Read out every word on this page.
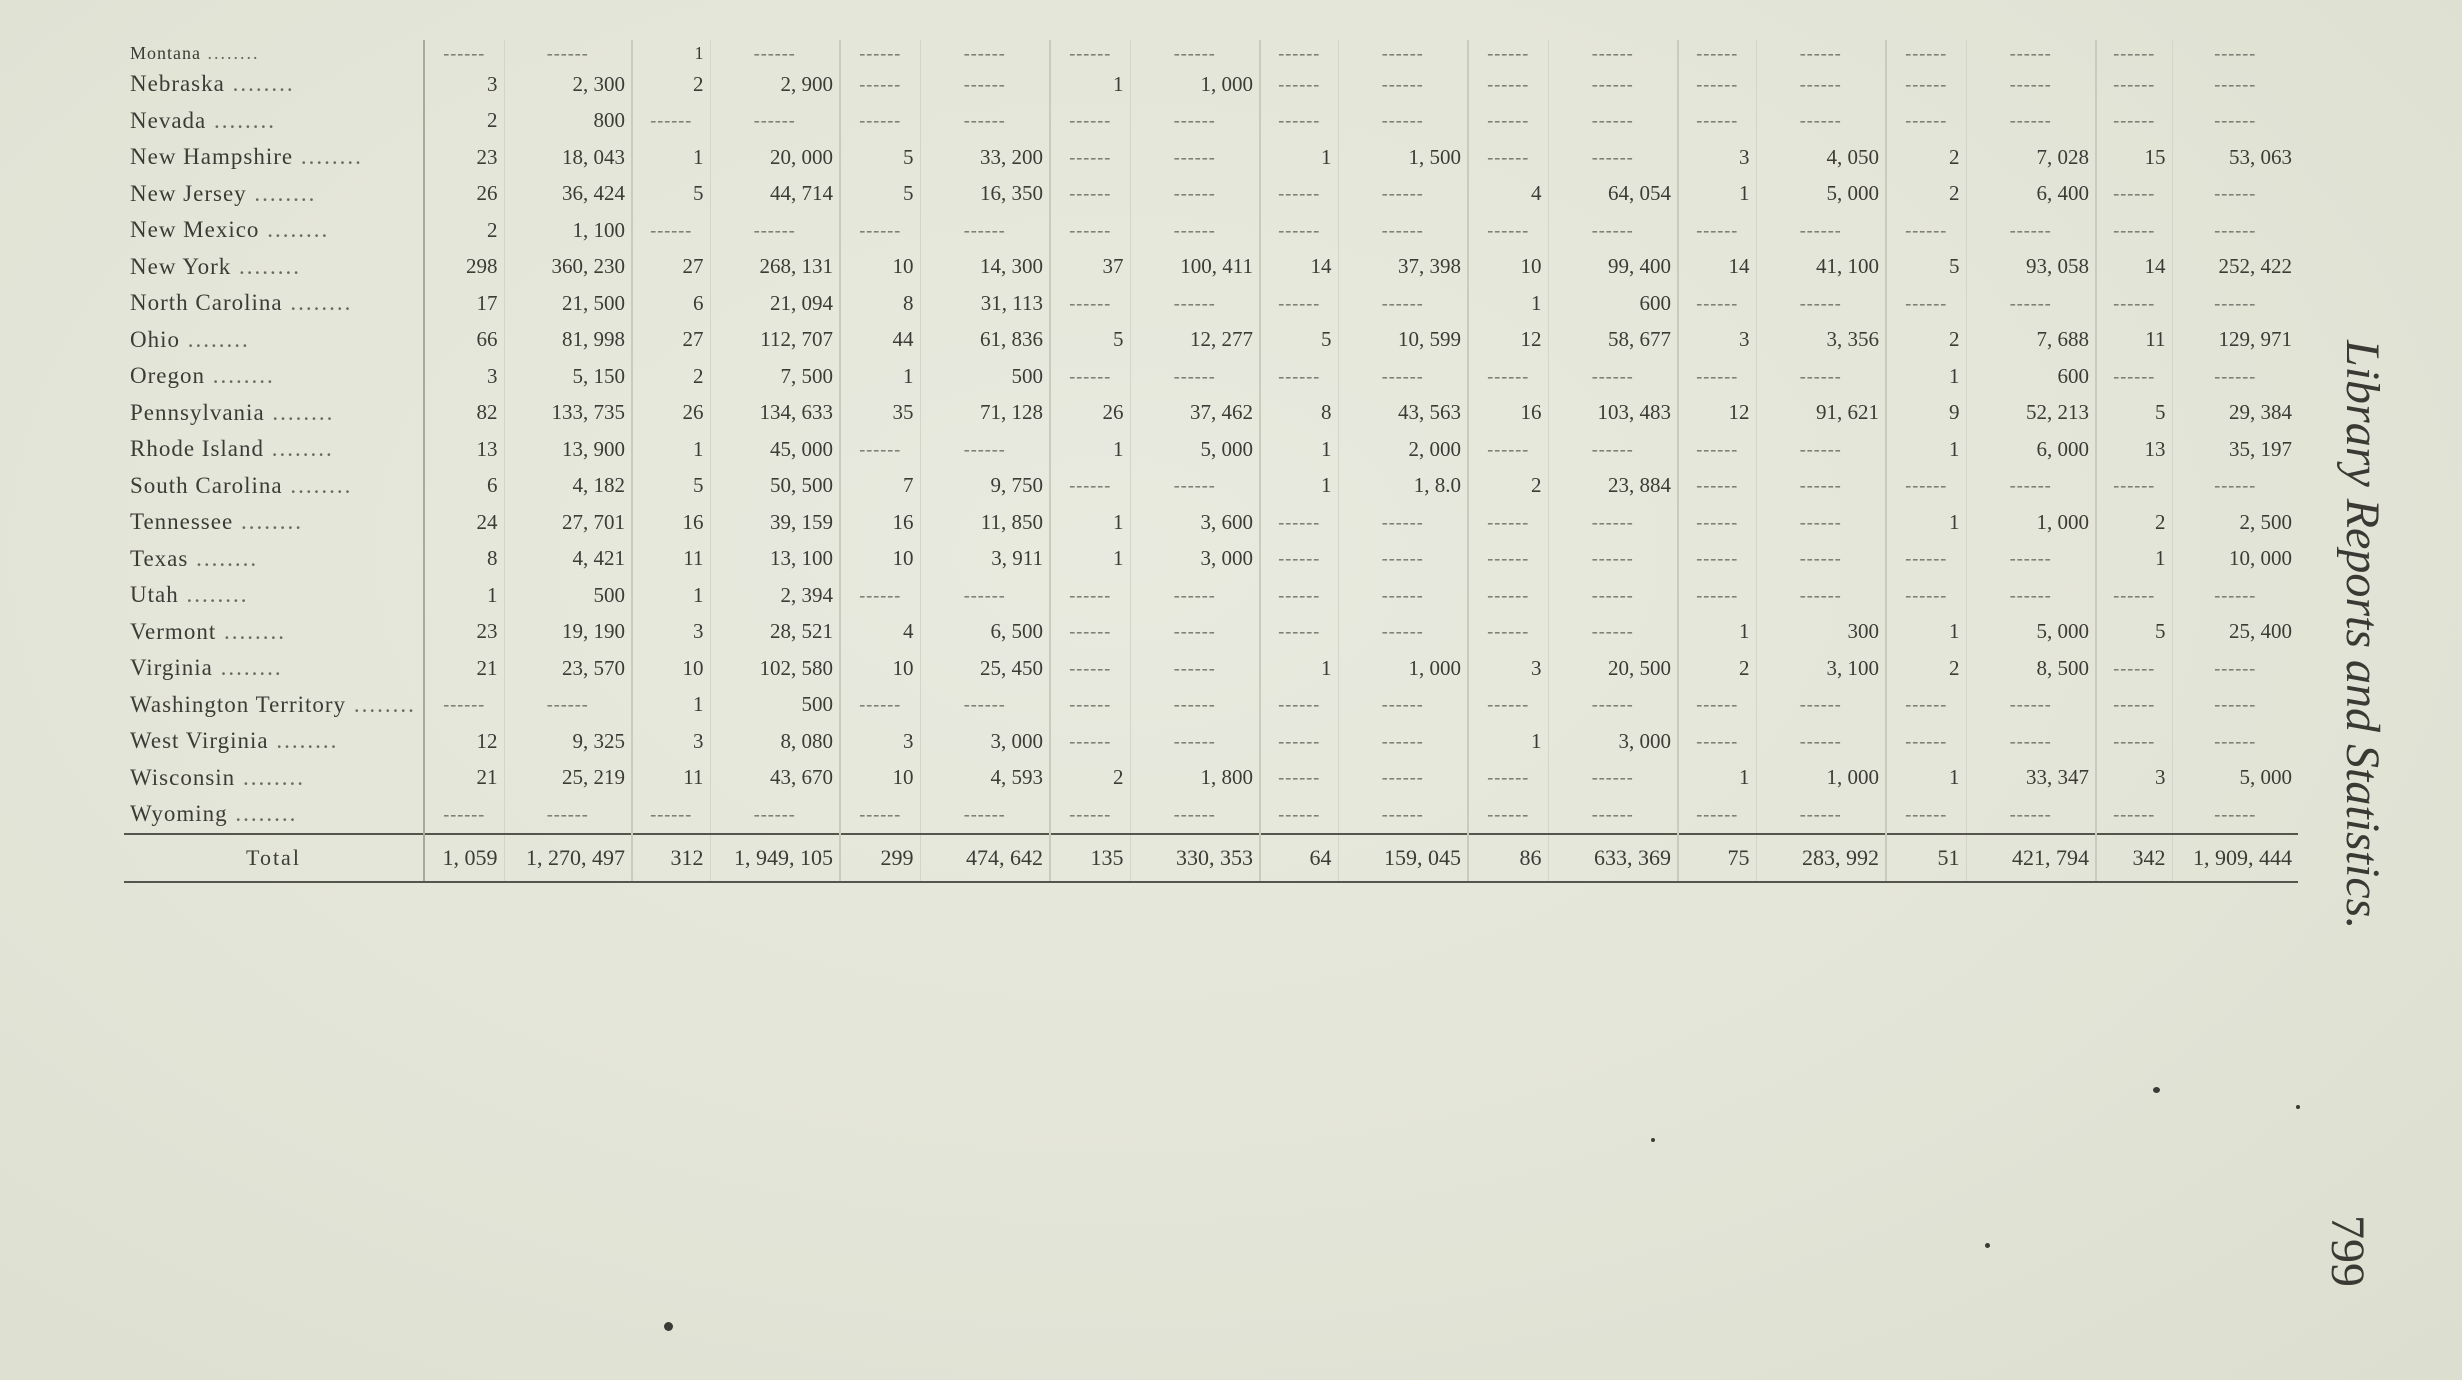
Montana ........	------	------	1	------	------	------	------	------	------	------	------	------	------	------	------	------	------	------
Nebraska ........	3	2, 300	2	2, 900	------	------	1	1, 000	------	------	------	------	------	------	------	------	------	------
Nevada ........	2	800	------	------	------	------	------	------	------	------	------	------	------	------	------	------	------	------
New Hampshire ........	23	18, 043	1	20, 000	5	33, 200	------	------	1	1, 500	------	------	3	4, 050	2	7, 028	15	53, 063
New Jersey ........	26	36, 424	5	44, 714	5	16, 350	------	------	------	------	4	64, 054	1	5, 000	2	6, 400	------	------
New Mexico ........	2	1, 100	------	------	------	------	------	------	------	------	------	------	------	------	------	------	------	------
New York ........	298	360, 230	27	268, 131	10	14, 300	37	100, 411	14	37, 398	10	99, 400	14	41, 100	5	93, 058	14	252, 422
North Carolina ........	17	21, 500	6	21, 094	8	31, 113	------	------	------	------	1	600	------	------	------	------	------	------
Ohio ........	66	81, 998	27	112, 707	44	61, 836	5	12, 277	5	10, 599	12	58, 677	3	3, 356	2	7, 688	11	129, 971
Oregon ........	3	5, 150	2	7, 500	1	500	------	------	------	------	------	------	------	------	1	600	------	------
Pennsylvania ........	82	133, 735	26	134, 633	35	71, 128	26	37, 462	8	43, 563	16	103, 483	12	91, 621	9	52, 213	5	29, 384
Rhode Island ........	13	13, 900	1	45, 000	------	------	1	5, 000	1	2, 000	------	------	------	------	1	6, 000	13	35, 197
South Carolina ........	6	4, 182	5	50, 500	7	9, 750	------	------	1	1, 8.0	2	23, 884	------	------	------	------	------	------
Tennessee ........	24	27, 701	16	39, 159	16	11, 850	1	3, 600	------	------	------	------	------	------	1	1, 000	2	2, 500
Texas ........	8	4, 421	11	13, 100	10	3, 911	1	3, 000	------	------	------	------	------	------	------	------	1	10, 000
Utah ........	1	500	1	2, 394	------	------	------	------	------	------	------	------	------	------	------	------	------	------
Vermont ........	23	19, 190	3	28, 521	4	6, 500	------	------	------	------	------	------	1	300	1	5, 000	5	25, 400
Virginia ........	21	23, 570	10	102, 580	10	25, 450	------	------	1	1, 000	3	20, 500	2	3, 100	2	8, 500	------	------
Washington Territory ........	------	------	1	500	------	------	------	------	------	------	------	------	------	------	------	------	------	------
West Virginia ........	12	9, 325	3	8, 080	3	3, 000	------	------	------	------	1	3, 000	------	------	------	------	------	------
Wisconsin ........	21	25, 219	11	43, 670	10	4, 593	2	1, 800	------	------	------	------	1	1, 000	1	33, 347	3	5, 000
Wyoming ........	------	------	------	------	------	------	------	------	------	------	------	------	------	------	------	------	------	------
Total	1, 059	1, 270, 497	312	1, 949, 105	299	474, 642	135	330, 353	64	159, 045	86	633, 369	75	283, 992	51	421, 794	342	1, 909, 444 Library Reports and Statistics.
799
